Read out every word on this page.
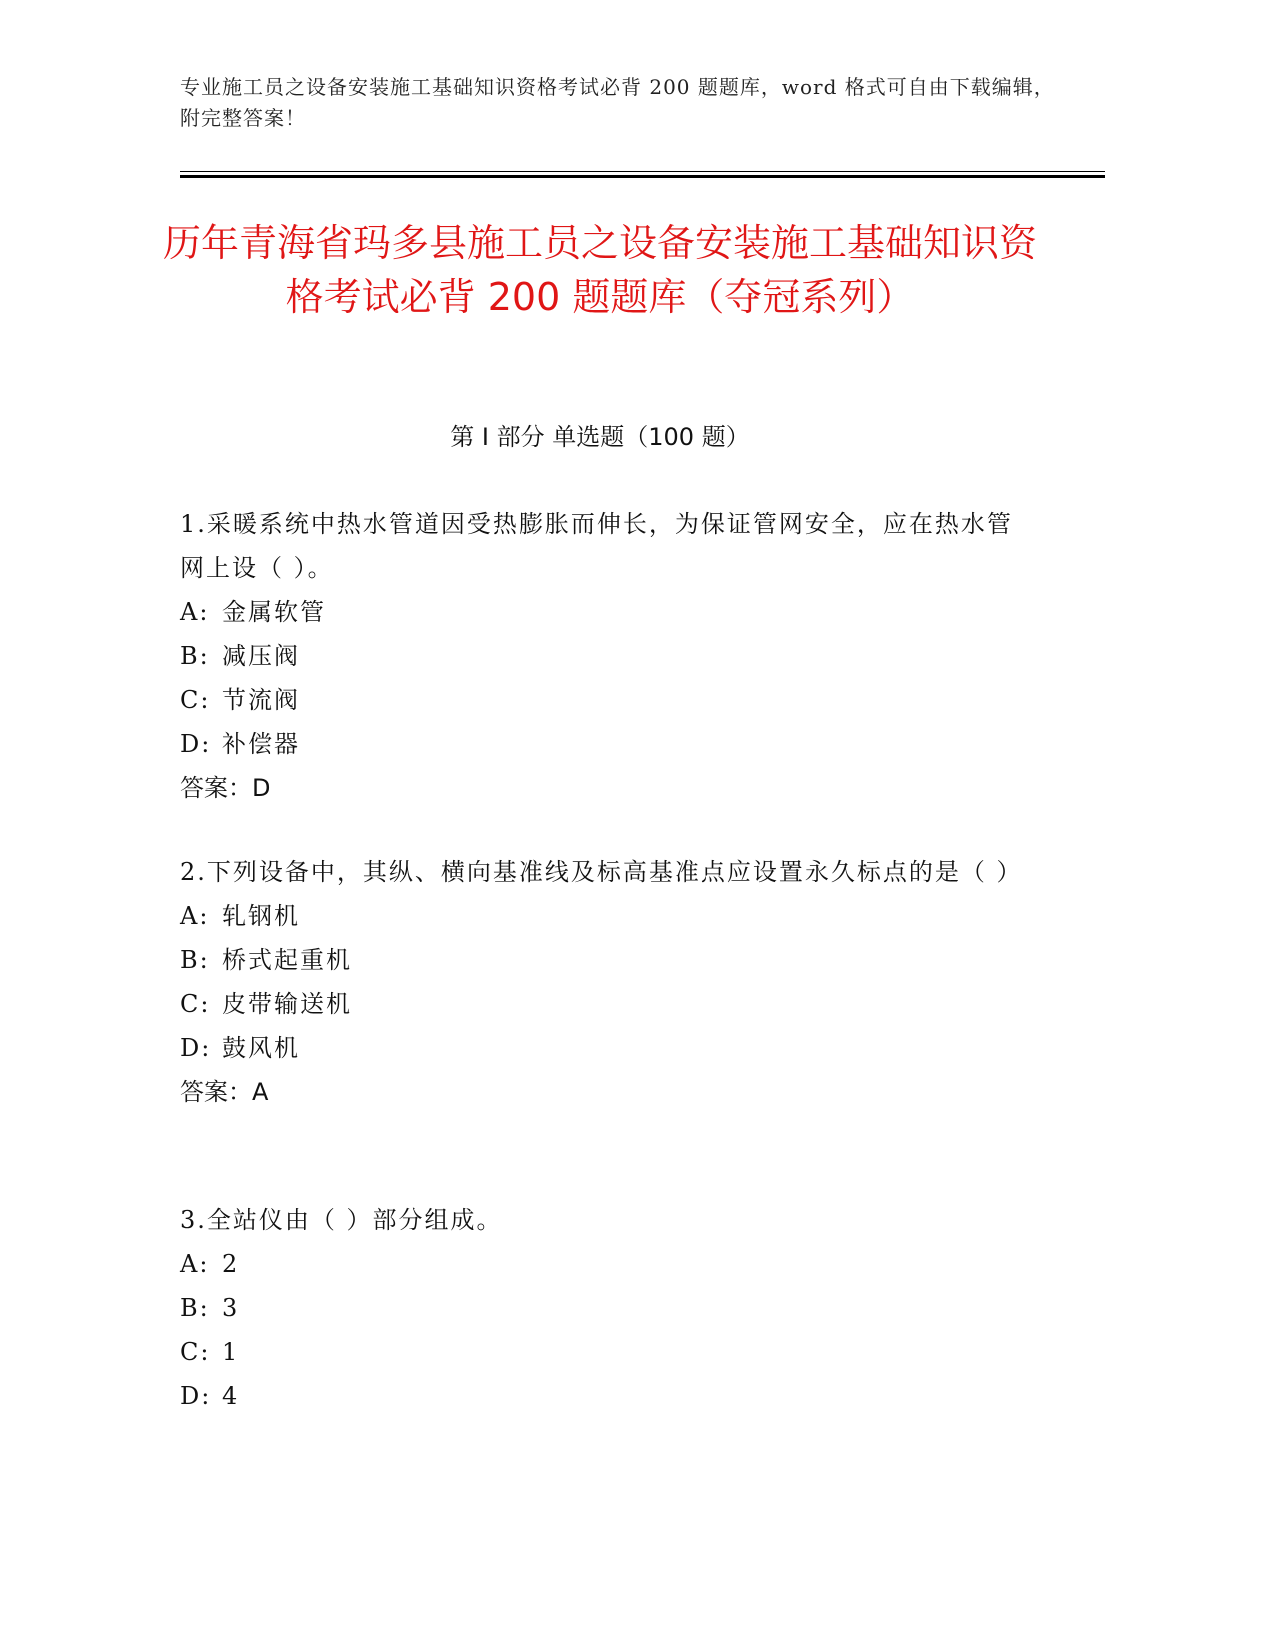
专业施工员之设备安装施工基础知识资格考试必背 200 题题库，word 格式可自由下载编辑，附完整答案！
历年青海省玛多县施工员之设备安装施工基础知识资格考试必背 200 题题库（夺冠系列）
第 I 部分 单选题（100 题）

1.采暖系统中热水管道因受热膨胀而伸长，为保证管网安全，应在热水管网上设（ ）。

A: 金属软管

B: 减压阀

C: 节流阀

D: 补偿器

答案：D

2.下列设备中，其纵、横向基准线及标高基准点应设置永久标点的是（ ）

A: 轧钢机

B: 桥式起重机

C: 皮带输送机

D: 鼓风机

答案：A

3.全站仪由（ ）部分组成。

A: 2

B: 3

C: 1

D: 4
